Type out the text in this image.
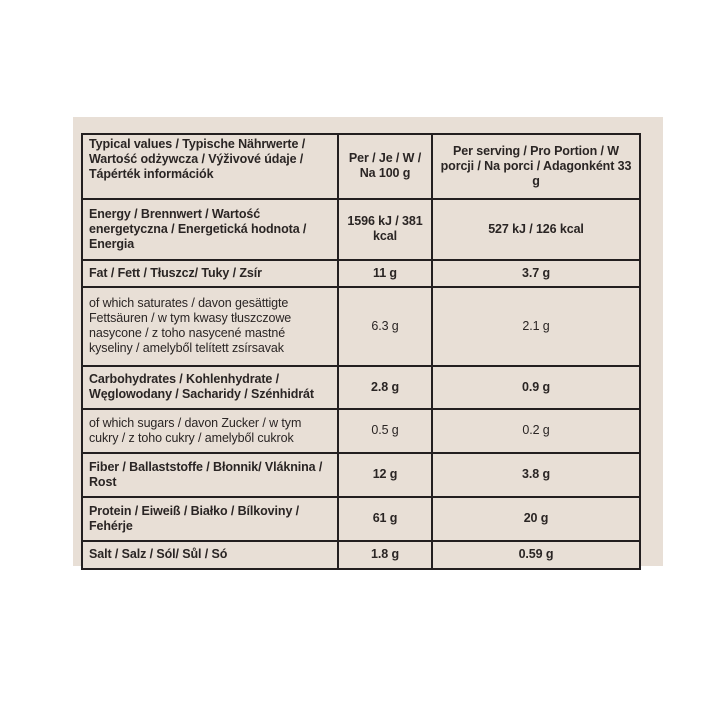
Typical values / Typische Nährwerte / Wartość odżywcza / Výživové údaje / Tápérték információk	Per / Je / W / Na 100 g	Per serving / Pro Portion / W porcji / Na porci / Adagonként 33 g
Energy / Brennwert / Wartość energetyczna / Energetická hodnota / Energia	1596 kJ / 381 kcal	527 kJ / 126 kcal
Fat / Fett / Tłuszcz/ Tuky / Zsír	11 g	3.7 g
of which saturates / davon gesättigte Fettsäuren / w tym kwasy tłuszczowe nasycone / z toho nasycené mastné kyseliny / amelyből telített zsírsavak	6.3 g	2.1 g
Carbohydrates / Kohlenhydrate / Węglowodany / Sacharidy / Szénhidrát	2.8 g	0.9 g
of which sugars / davon Zucker / w tym cukry / z toho cukry / amelyből cukrok	0.5 g	0.2 g
Fiber / Ballaststoffe / Błonnik/ Vláknina / Rost	12 g	3.8 g
Protein / Eiweiß / Białko / Bílkoviny / Fehérje	61 g	20 g
Salt / Salz / Sól/ Sůl / Só	1.8 g	0.59 g
